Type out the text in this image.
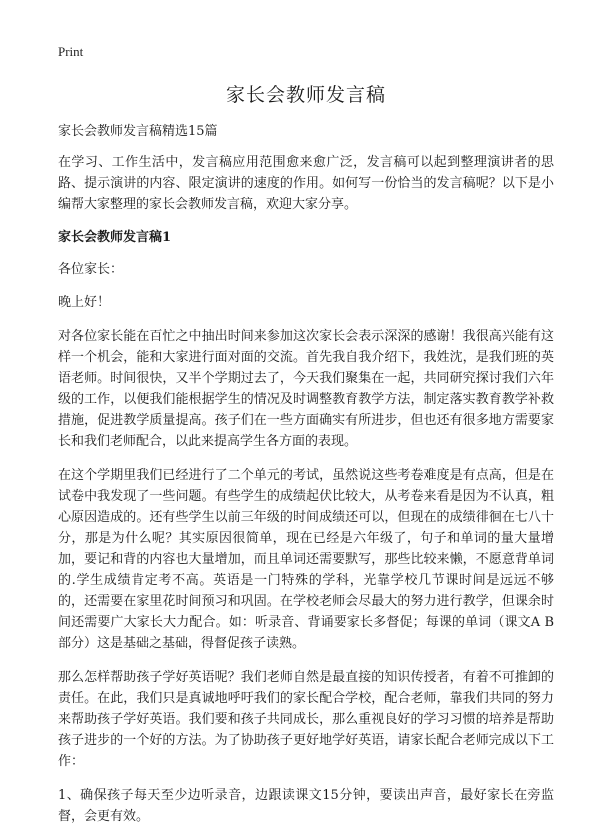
Print
家长会教师发言稿
家长会教师发言稿精选15篇

在学习、工作生活中，发言稿应用范围愈来愈广泛，发言稿可以起到整理演讲者的思路、提示演讲的内容、限定演讲的速度的作用。如何写一份恰当的发言稿呢？以下是小编帮大家整理的家长会教师发言稿，欢迎大家分享。

家长会教师发言稿1
各位家长：
晚上好！

对各位家长能在百忙之中抽出时间来参加这次家长会表示深深的感谢！我很高兴能有这样一个机会，能和大家进行面对面的交流。首先我自我介绍下，我姓沈，是我们班的英语老师。时间很快，又半个学期过去了，今天我们聚集在一起，共同研究探讨我们六年级的工作，以便我们能根据学生的情况及时调整教育教学方法，制定落实教育教学补救措施，促进教学质量提高。孩子们在一些方面确实有所进步，但也还有很多地方需要家长和我们老师配合，以此来提高学生各方面的表现。

在这个学期里我们已经进行了二个单元的考试，虽然说这些考卷难度是有点高，但是在试卷中我发现了一些问题。有些学生的成绩起伏比较大，从考卷来看是因为不认真，粗心原因造成的。还有些学生以前三年级的时间成绩还可以，但现在的成绩徘徊在七八十分，那是为什么呢？其实原因很简单，现在已经是六年级了，句子和单词的量大量增加，要记和背的内容也大量增加，而且单词还需要默写，那些比较来懒，不愿意背单词的.学生成绩肯定考不高。英语是一门特殊的学科，光靠学校几节课时间是远远不够的，还需要在家里花时间预习和巩固。在学校老师会尽最大的努力进行教学，但课余时间还需要广大家长大力配合。如：听录音、背诵要家长多督促；每课的单词（课文A B部分）这是基础之基础，得督促孩子读熟。

那么怎样帮助孩子学好英语呢？我们老师自然是最直接的知识传授者，有着不可推卸的责任。在此，我们只是真诚地呼吁我们的家长配合学校，配合老师，靠我们共同的努力来帮助孩子学好英语。我们要和孩子共同成长，那么重视良好的学习习惯的培养是帮助孩子进步的一个好的方法。为了协助孩子更好地学好英语，请家长配合老师完成以下工作：

1、确保孩子每天至少边听录音，边跟读课文15分钟，要读出声音，最好家长在旁监督，会更有效。
